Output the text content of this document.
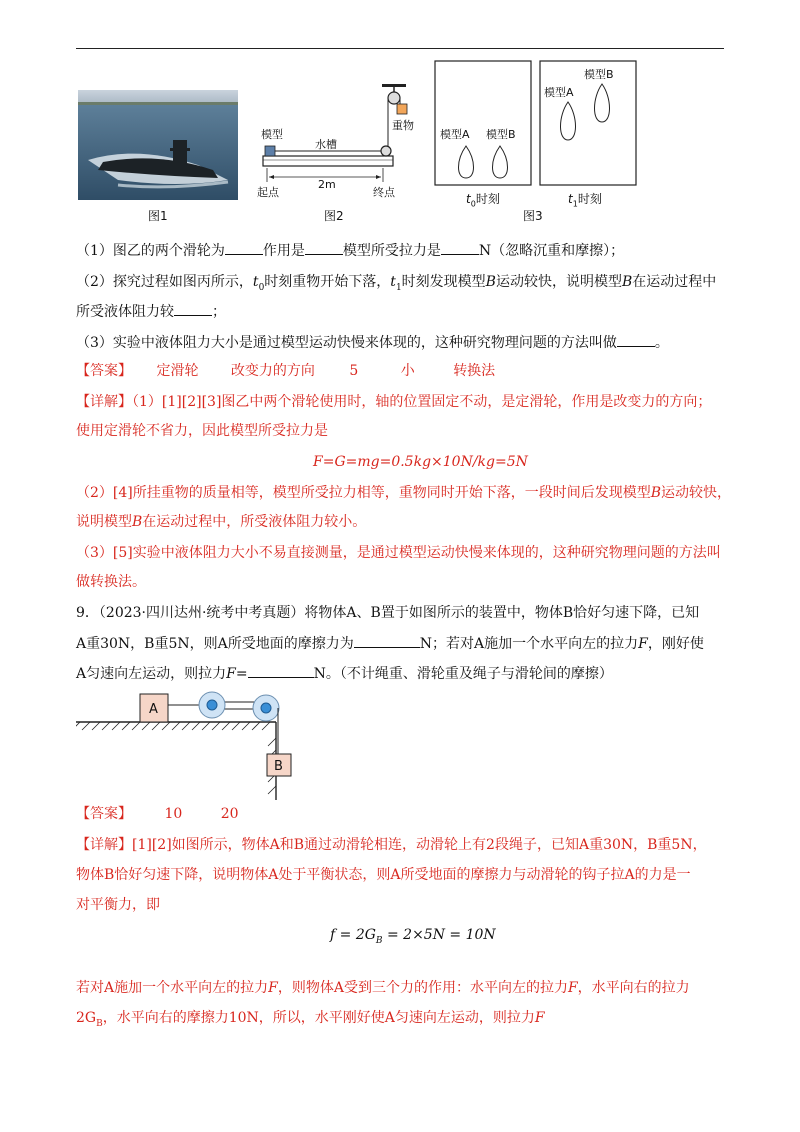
图1
模型
水槽
重物
2m
起点	终点
图2
模型A 模型B
模型B
模型A
$t_0$时刻	$t_1$时刻
图3
（1）图乙的两个滑轮为	作用是	模型所受拉力是	N（忽略沉重和摩擦）；
（2）探究过程如图丙所示，$t_0$时刻重物开始下落，$t_1$时刻发现模型B运动较快，说明模型B在运动过程中
所受液体阻力较	；
（3）实验中液体阻力大小是通过模型运动快慢来体现的，这种研究物理问题的方法叫做	。
【答案】 定滑轮 改变力的方向 5	小	转换法
【详解】（1）[1][2][3]图乙中两个滑轮使用时，轴的位置固定不动，是定滑轮，作用是改变力的方向；
使用定滑轮不省力，因此模型所受拉力是
F=G=mg=0.5kg×10N/kg=5N
（2）[4]所挂重物的质量相等，模型所受拉力相等，重物同时开始下落，一段时间后发现模型B运动较快，
说明模型B在运动过程中，所受液体阻力较小。
（3）[5]实验中液体阻力大小不易直接测量，是通过模型运动快慢来体现的，这种研究物理问题的方法叫
做转换法。
9．（2023·四川达州·统考中考真题）将物体A、B置于如图所示的装置中，物体B恰好匀速下降，已知
A重30N，B重5N，则A所受地面的摩擦力为	N；若对A施加一个水平向左的拉力F，刚好使
A匀速向左运动，则拉力F=	N。（不计绳重、滑轮重及绳子与滑轮间的摩擦）
A
B
【答案】 10	20
【详解】[1][2]如图所示，物体A和B通过动滑轮相连，动滑轮上有2段绳子，已知A重30N，B重5N，
物体B恰好匀速下降，说明物体A处于平衡状态，则A所受地面的摩擦力与动滑轮的钩子拉A的力是一
对平衡力，即
$f = 2G_B = 2\times 5N = 10N$
若对A施加一个水平向左的拉力F，则物体A受到三个力的作用：水平向左的拉力F，水平向右的拉力
$2G_B$，水平向右的摩擦力10N，所以，水平刚好使A匀速向左运动，则拉力F
